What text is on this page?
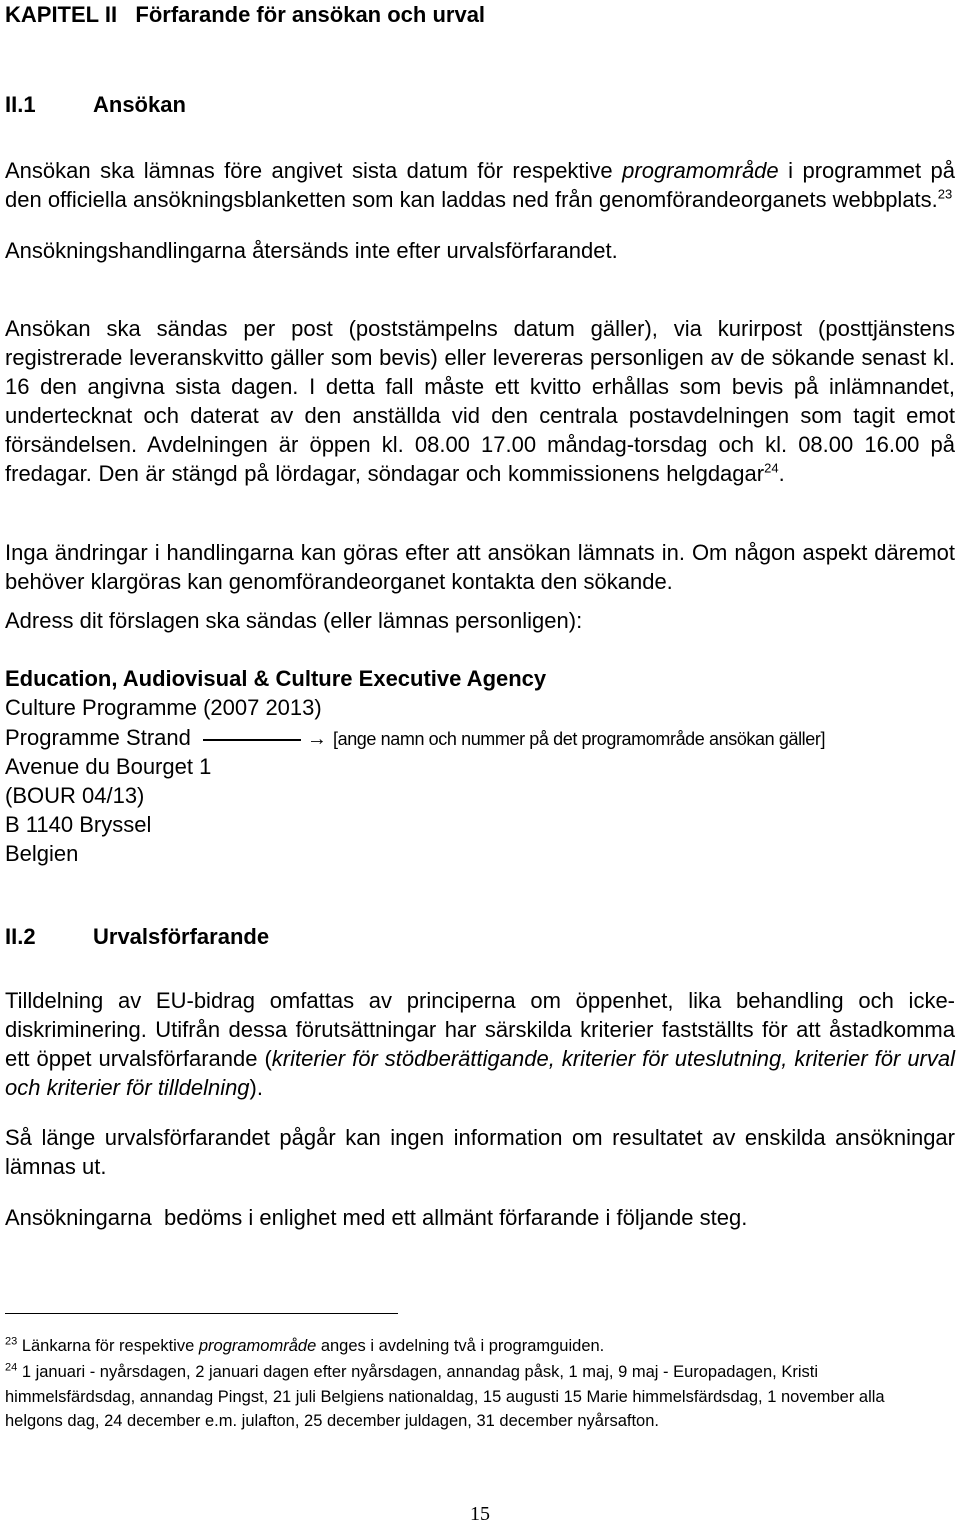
KAPITEL II Förfarande för ansökan och urval

II.1	Ansökan

Ansökan ska lämnas före angivet sista datum för respektive programområde i programmet på den officiella ansökningsblanketten som kan laddas ned från genomförandeorganets webbplats.$^{23}$

Ansökningshandlingarna återsänds inte efter urvalsförfarandet.

Ansökan ska sändas per post (poststämpelns datum gäller), via kurirpost (posttjänstens registrerade leveranskvitto gäller som bevis) eller levereras personligen av de sökande senast kl. 16 den angivna sista dagen. I detta fall måste ett kvitto erhållas som bevis på inlämnandet, undertecknat och daterat av den anställda vid den centrala postavdelningen som tagit emot försändelsen. Avdelningen är öppen kl. 08.00 17.00 måndag-torsdag och kl. 08.00 16.00 på fredagar. Den är stängd på lördagar, söndagar och kommissionens helgdagar$^{24}$.

Inga ändringar i handlingarna kan göras efter att ansökan lämnats in. Om någon aspekt däremot behöver klargöras kan genomförandeorganet kontakta den sökande.

Adress dit förslagen ska sändas (eller lämnas personligen):

Education, Audiovisual & Culture Executive Agency

Culture Programme (2007 2013)

Programme Strand	→ [ange namn och nummer på det programområde ansökan gäller]

Avenue du Bourget 1

(BOUR 04/13)

B 1140 Bryssel

Belgien

II.2	Urvalsförfarande

Tilldelning av EU-bidrag omfattas av principerna om öppenhet, lika behandling och icke-diskriminering. Utifrån dessa förutsättningar har särskilda kriterier fastställts för att åstadkomma ett öppet urvalsförfarande (kriterier för stödberättigande, kriterier för uteslutning, kriterier för urval och kriterier för tilldelning).

Så länge urvalsförfarandet pågår kan ingen information om resultatet av enskilda ansökningar lämnas ut.

Ansökningarna  bedöms i enlighet med ett allmänt förfarande i följande steg.

$^{23}$ Länkarna för respektive programområde anges i avdelning två i programguiden.

$^{24}$ 1 januari - nyårsdagen, 2 januari dagen efter nyårsdagen, annandag påsk, 1 maj, 9 maj - Europadagen, Kristi himmelsfärdsdag, annandag Pingst, 21 juli Belgiens nationaldag, 15 augusti 15 Marie himmelsfärdsdag, 1 november alla helgons dag, 24 december e.m. julafton, 25 december juldagen, 31 december nyårsafton.

15
